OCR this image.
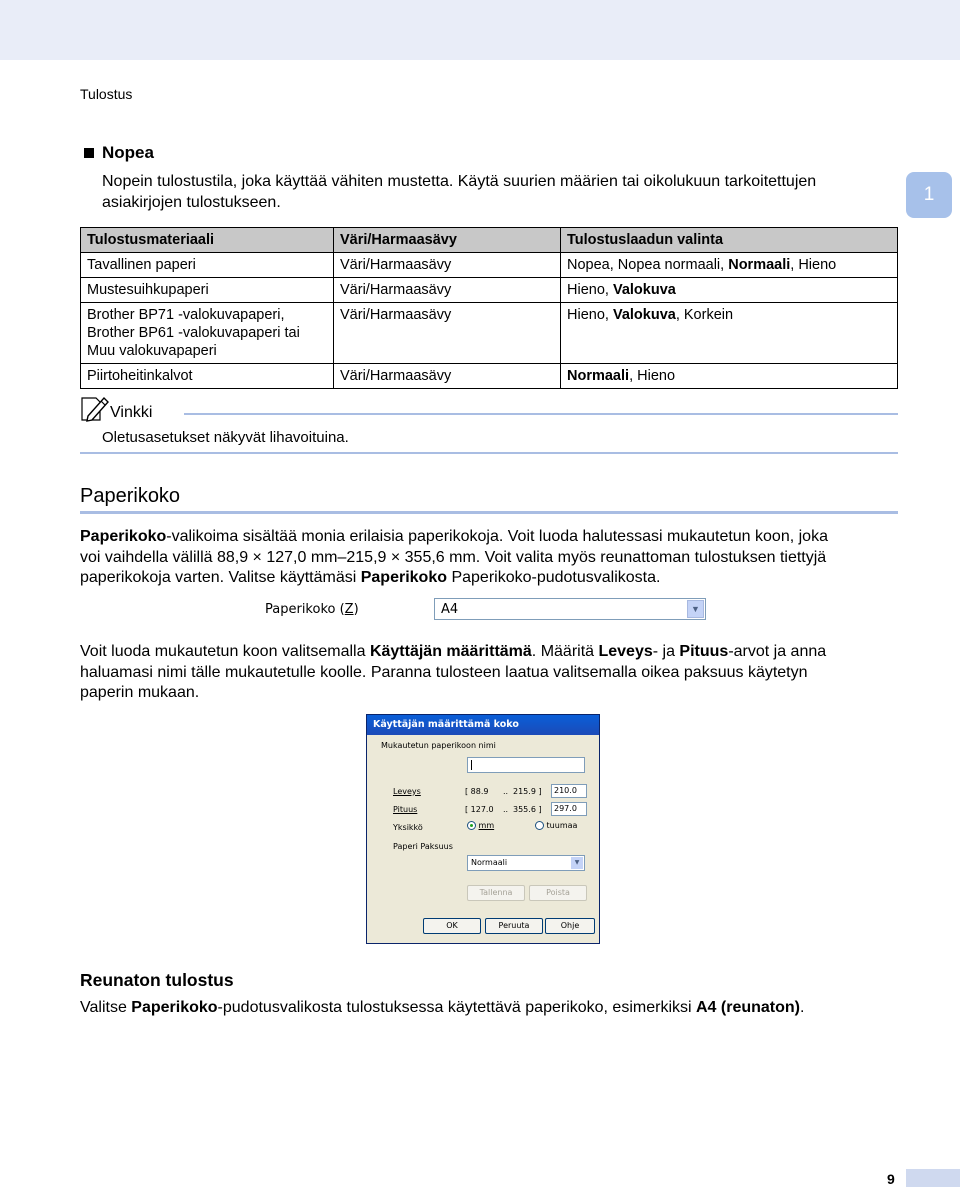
Tulostus
1
Nopea
Nopein tulostustila, joka käyttää vähiten mustetta. Käytä suurien määrien tai oikolukuun tarkoitettujen
asiakirjojen tulostukseen.
Tulostusmateriaali	Väri/Harmaasävy	Tulostuslaadun valinta

Tavallinen paperi	Väri/Harmaasävy	Nopea, Nopea normaali, Normaali, Hieno

Mustesuihkupaperi	Väri/Harmaasävy	Hieno, Valokuva

Brother BP71 -valokuvapaperi,
Brother BP61 -valokuvapaperi tai
Muu valokuvapaperi	Väri/Harmaasävy	Hieno, Valokuva, Korkein

Piirtoheitinkalvot	Väri/Harmaasävy	Normaali, Hieno
Vinkki
Oletusasetukset näkyvät lihavoituina.
Paperikoko
Paperikoko-valikoima sisältää monia erilaisia paperikokoja. Voit luoda halutessasi mukautetun koon, joka
voi vaihdella välillä 88,9 × 127,0 mm–215,9 × 355,6 mm. Voit valita myös reunattoman tulostuksen tiettyjä
paperikokoja varten. Valitse käyttämäsi Paperikoko Paperikoko-pudotusvalikosta.
Paperikoko (Z)	A4	▼
Voit luoda mukautetun koon valitsemalla Käyttäjän määrittämä. Määritä Leveys- ja Pituus-arvot ja anna
haluamasi nimi tälle mukautetulle koolle. Paranna tulosteen laatua valitsemalla oikea paksuus käytetyn
paperin mukaan.
Käyttäjän määrittämä koko
Mukautetun paperikoon nimi
Leveys	[ 88.9 .. 215.9 ]	210.0
Pituus	[ 127.0 .. 355.6 ]	297.0
Yksikkö	mm	tuumaa
Paperi Paksuus
Normaali	▼
Tallenna	Poista
OK	Peruuta	Ohje
Reunaton tulostus
Valitse Paperikoko-pudotusvalikosta tulostuksessa käytettävä paperikoko, esimerkiksi A4 (reunaton).
9
